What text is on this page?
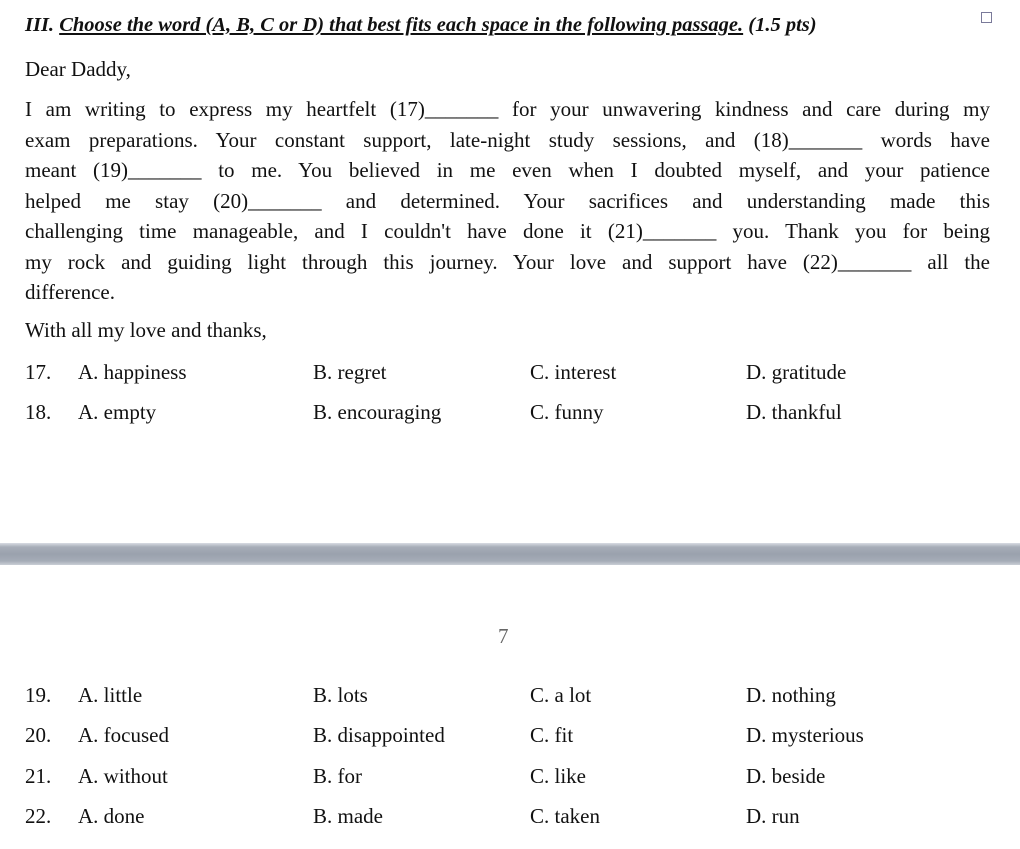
III. Choose the word (A, B, C or D) that best fits each space in the following passage. (1.5 pts)
Dear Daddy,
I am writing to express my heartfelt (17)_______ for your unwavering kindness and care during my
exam preparations. Your constant support, late-night study sessions, and (18)_______ words have
meant (19)_______ to me. You believed in me even when I doubted myself, and your patience
helped me stay (20)_______ and determined. Your sacrifices and understanding made this
challenging time manageable, and I couldn't have done it (21)_______ you. Thank you for being
my rock and guiding light through this journey. Your love and support have (22)_______ all the
difference.
With all my love and thanks,
17. A. happiness	B. regret	C. interest	D. gratitude
18. A. empty	B. encouraging	C. funny	D. thankful
7
19. A. little	B. lots	C. a lot	D. nothing
20. A. focused	B. disappointed	C. fit	D. mysterious
21. A. without	B. for	C. like	D. beside
22. A. done	B. made	C. taken	D. run
